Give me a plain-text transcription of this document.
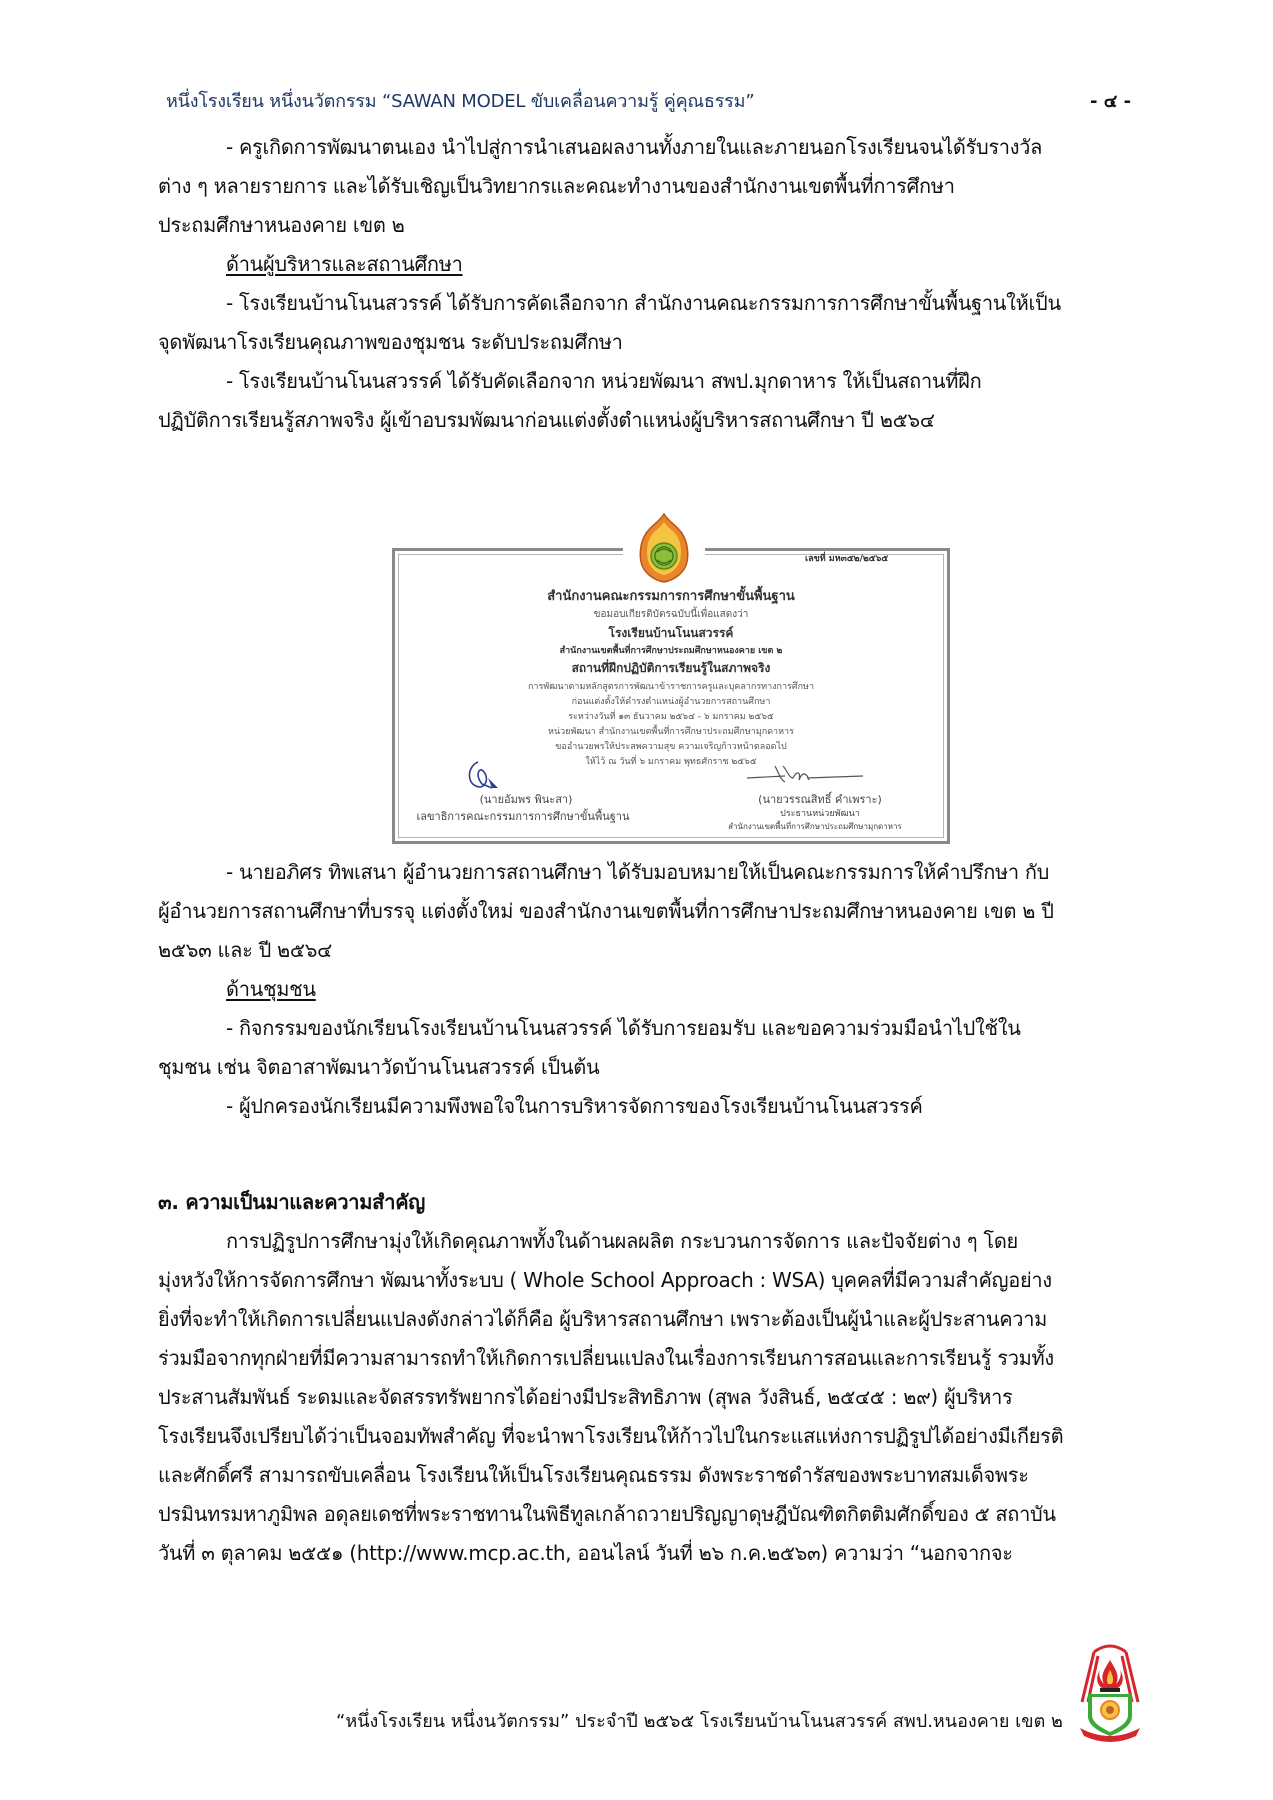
หนึ่งโรงเรียน หนึ่งนวัตกรรม “SAWAN MODEL ขับเคลื่อนความรู้ คู่คุณธรรม”	- ๔ -
- ครูเกิดการพัฒนาตนเอง นำไปสู่การนำเสนอผลงานทั้งภายในและภายนอกโรงเรียนจนได้รับรางวัล
ต่าง ๆ หลายรายการ และได้รับเชิญเป็นวิทยากรและคณะทำงานของสำนักงานเขตพื้นที่การศึกษา
ประถมศึกษาหนองคาย เขต ๒
ด้านผู้บริหารและสถานศึกษา
- โรงเรียนบ้านโนนสวรรค์ ได้รับการคัดเลือกจาก สำนักงานคณะกรรมการการศึกษาขั้นพื้นฐานให้เป็น
จุดพัฒนาโรงเรียนคุณภาพของชุมชน ระดับประถมศึกษา
- โรงเรียนบ้านโนนสวรรค์ ได้รับคัดเลือกจาก หน่วยพัฒนา สพป.มุกดาหาร ให้เป็นสถานที่ฝึก
ปฏิบัติการเรียนรู้สภาพจริง ผู้เข้าอบรมพัฒนาก่อนแต่งตั้งตำแหน่งผู้บริหารสถานศึกษา ปี ๒๕๖๔
เลขที่ มห๓๕๒/๒๕๖๕
สำนักงานคณะกรรมการการศึกษาขั้นพื้นฐาน
ขอมอบเกียรติบัตรฉบับนี้เพื่อแสดงว่า
โรงเรียนบ้านโนนสวรรค์
สำนักงานเขตพื้นที่การศึกษาประถมศึกษาหนองคาย เขต ๒
สถานที่ฝึกปฏิบัติการเรียนรู้ในสภาพจริง
การพัฒนาตามหลักสูตรการพัฒนาข้าราชการครูและบุคลากรทางการศึกษา
ก่อนแต่งตั้งให้ดำรงตำแหน่งผู้อำนวยการสถานศึกษา
ระหว่างวันที่ ๑๓ ธันวาคม ๒๕๖๔ - ๖ มกราคม ๒๕๖๕
หน่วยพัฒนา สำนักงานเขตพื้นที่การศึกษาประถมศึกษามุกดาหาร
ขออำนวยพรให้ประสพความสุข ความเจริญก้าวหน้าตลอดไป
ให้ไว้ ณ วันที่ ๖ มกราคม พุทธศักราช ๒๕๖๕
(นายอัมพร พินะสา)
เลขาธิการคณะกรรมการการศึกษาขั้นพื้นฐาน
(นายวรรณสิทธิ์ คำเพราะ)
ประธานหน่วยพัฒนา
สำนักงานเขตพื้นที่การศึกษาประถมศึกษามุกดาหาร
- นายอภิศร ทิพเสนา ผู้อำนวยการสถานศึกษา ได้รับมอบหมายให้เป็นคณะกรรมการให้คำปรึกษา กับ
ผู้อำนวยการสถานศึกษาที่บรรจุ แต่งตั้งใหม่ ของสำนักงานเขตพื้นที่การศึกษาประถมศึกษาหนองคาย เขต ๒ ปี
๒๕๖๓ และ ปี ๒๕๖๔
ด้านชุมชน
- กิจกรรมของนักเรียนโรงเรียนบ้านโนนสวรรค์ ได้รับการยอมรับ และขอความร่วมมือนำไปใช้ใน
ชุมชน เช่น จิตอาสาพัฒนาวัดบ้านโนนสวรรค์ เป็นต้น
- ผู้ปกครองนักเรียนมีความพึงพอใจในการบริหารจัดการของโรงเรียนบ้านโนนสวรรค์
๓. ความเป็นมาและความสำคัญ
การปฏิรูปการศึกษามุ่งให้เกิดคุณภาพทั้งในด้านผลผลิต กระบวนการจัดการ และปัจจัยต่าง ๆ โดย
มุ่งหวังให้การจัดการศึกษา พัฒนาทั้งระบบ ( Whole School Approach : WSA) บุคคลที่มีความสำคัญอย่าง
ยิ่งที่จะทำให้เกิดการเปลี่ยนแปลงดังกล่าวได้ก็คือ ผู้บริหารสถานศึกษา เพราะต้องเป็นผู้นำและผู้ประสานความ
ร่วมมือจากทุกฝ่ายที่มีความสามารถทำให้เกิดการเปลี่ยนแปลงในเรื่องการเรียนการสอนและการเรียนรู้ รวมทั้ง
ประสานสัมพันธ์ ระดมและจัดสรรทรัพยากรได้อย่างมีประสิทธิภาพ (สุพล วังสินธ์, ๒๕๔๕ : ๒๙) ผู้บริหาร
โรงเรียนจึงเปรียบได้ว่าเป็นจอมทัพสำคัญ ที่จะนำพาโรงเรียนให้ก้าวไปในกระแสแห่งการปฏิรูปได้อย่างมีเกียรติ
และศักดิ์ศรี สามารถขับเคลื่อน โรงเรียนให้เป็นโรงเรียนคุณธรรม ดังพระราชดำรัสของพระบาทสมเด็จพระ
ปรมินทรมหาภูมิพล อดุลยเดชที่พระราชทานในพิธีทูลเกล้าถวายปริญญาดุษฎีบัณฑิตกิตติมศักดิ์ของ ๕ สถาบัน
วันที่ ๓ ตุลาคม ๒๕๕๑ (http://www.mcp.ac.th, ออนไลน์ วันที่ ๒๖ ก.ค.๒๕๖๓) ความว่า “นอกจากจะ
“หนึ่งโรงเรียน หนึ่งนวัตกรรม” ประจำปี ๒๕๖๕ โรงเรียนบ้านโนนสวรรค์ สพป.หนองคาย เขต ๒
